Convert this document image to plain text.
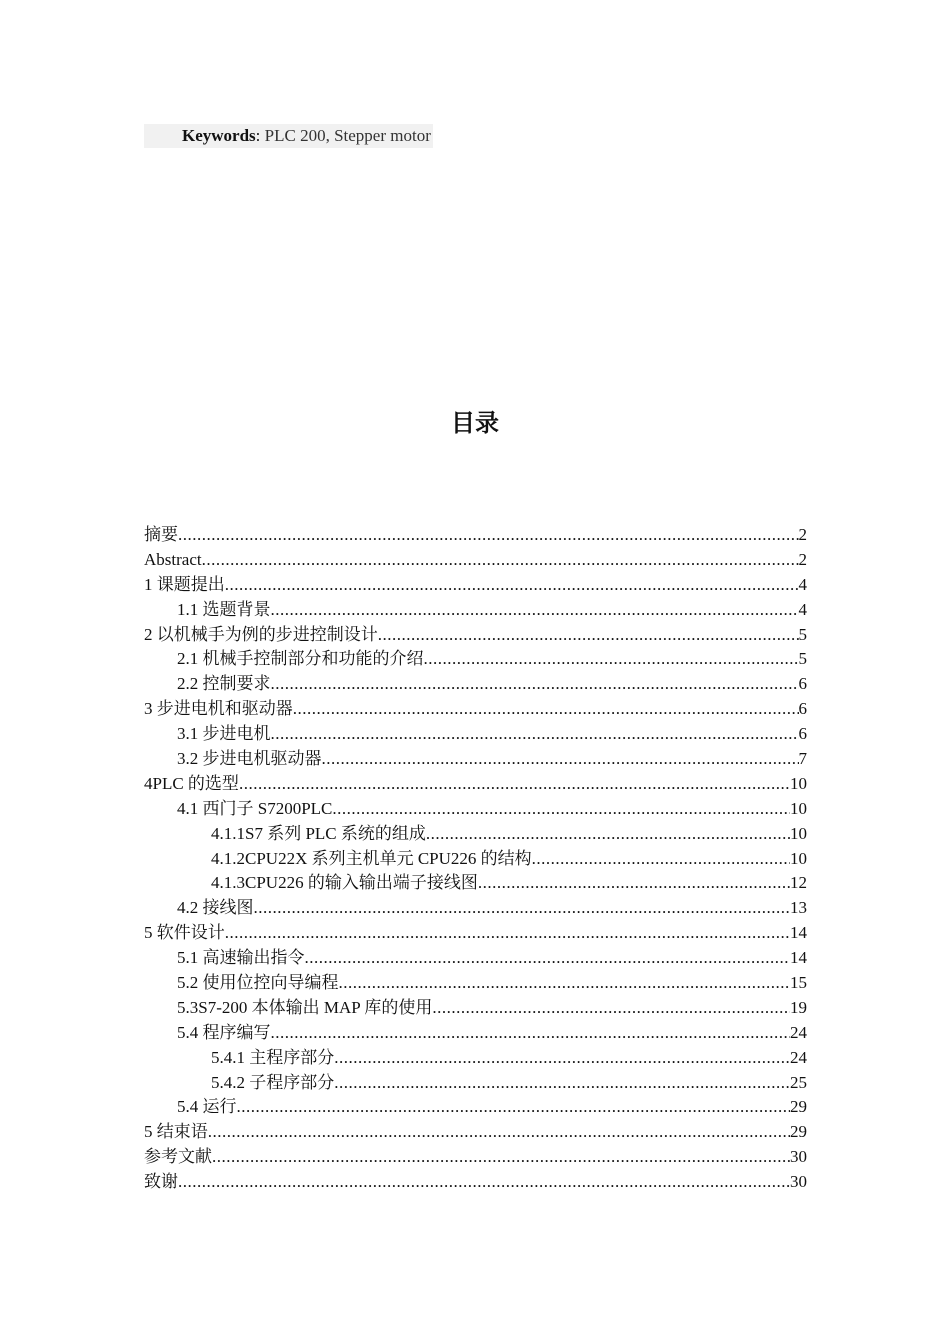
Keywords: PLC 200, Stepper motor
目录
摘要 .....	2
Abstract .....	2
1 课题提出 .....	4
1.1 选题背景 .....	4
2 以机械手为例的步进控制设计 .....	5
2.1 机械手控制部分和功能的介绍 .....	5
2.2 控制要求 .....	6
3 步进电机和驱动器 .....	6
3.1 步进电机 .....	6
3.2 步进电机驱动器 .....	7
4PLC 的选型 .....	10
4.1 西门子 S7200PLC .....	10
4.1.1S7 系列 PLC 系统的组成 .....	10
4.1.2CPU22X 系列主机单元 CPU226 的结构 .....	10
4.1.3CPU226 的输入输出端子接线图 .....	12
4.2 接线图 .....	13
5 软件设计 .....	14
5.1 高速输出指令 .....	14
5.2 使用位控向导编程 .....	15
5.3S7-200 本体输出 MAP 库的使用 .....	19
5.4 程序编写 .....	24
5.4.1 主程序部分 .....	24
5.4.2 子程序部分 .....	25
5.4 运行 .....	29
5 结束语 .....	29
参考文献 .....	30
致谢 .....	30
